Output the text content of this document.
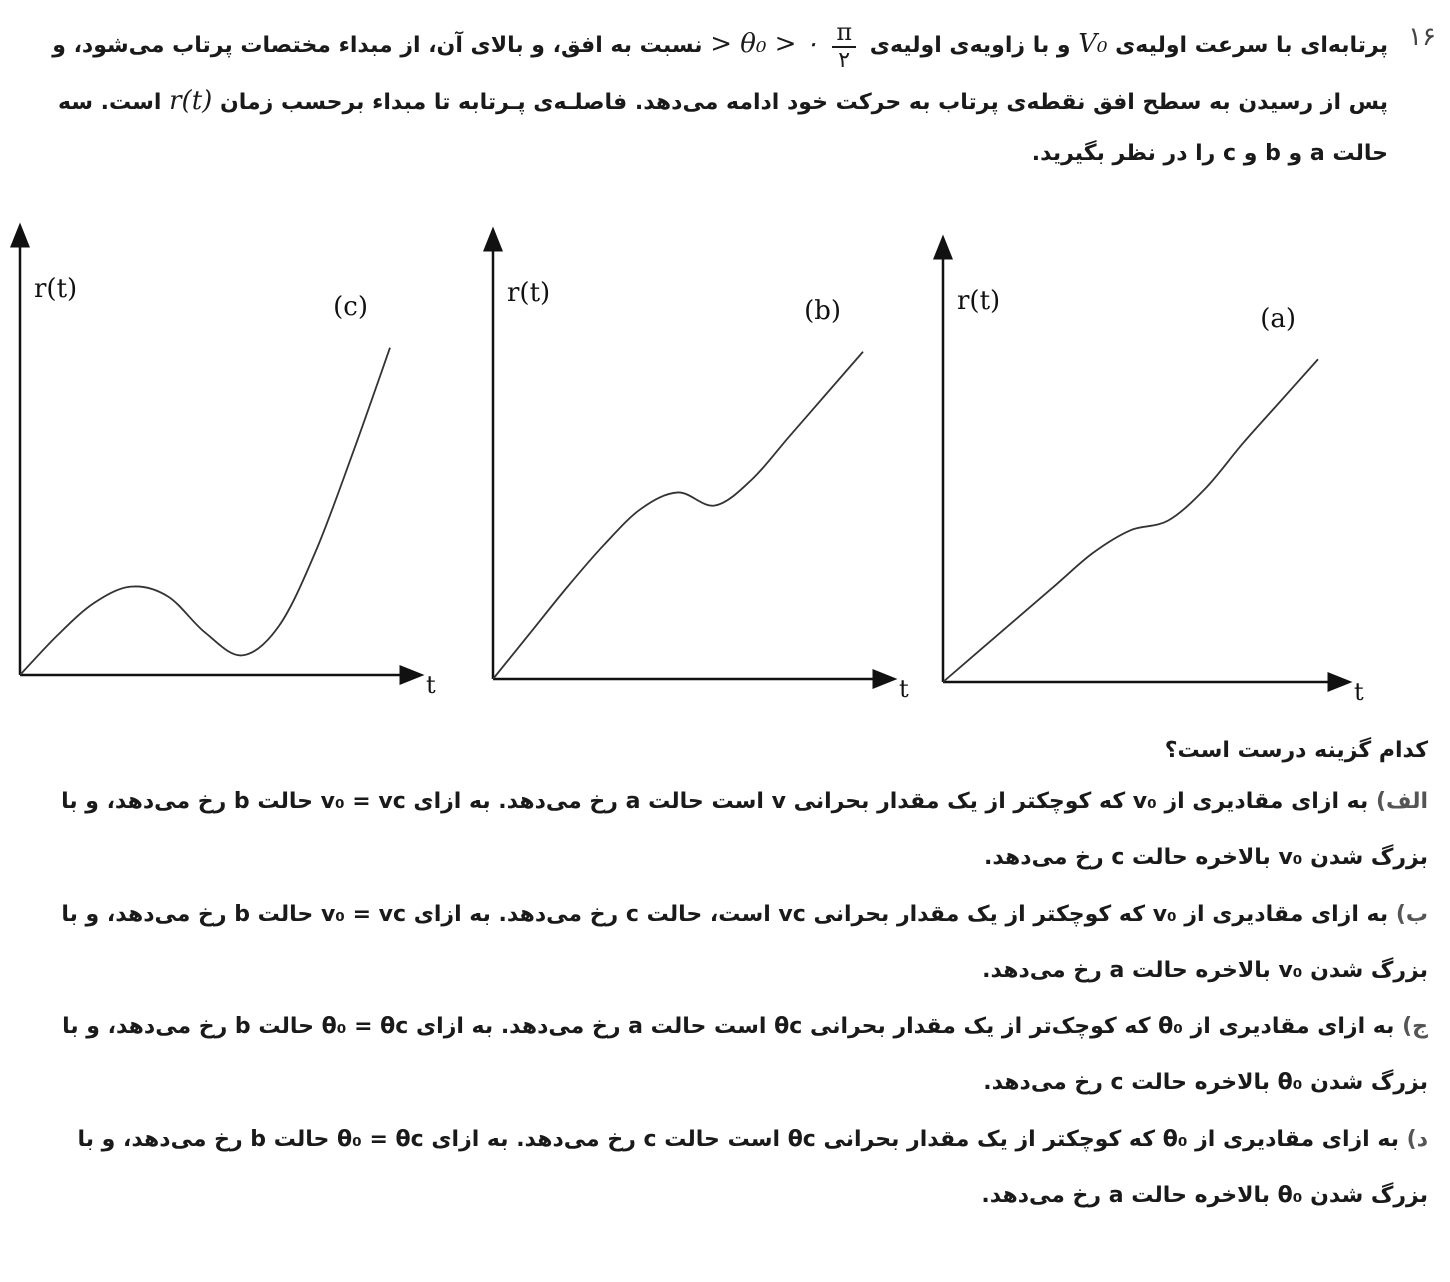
۱۶
پرتابه‌ای با سرعت اولیه‌ی V₀ و با زاویه‌ی اولیه‌ی
$\frac{\pi}{۲}$
> θ₀ > ۰ نسبت به افق، و بالای آن، از مبداء مختصات پرتاب می‌شود، و
پس از رسیدن به سطح افق نقطه‌ی پرتاب به حرکت خود ادامه می‌دهد. فاصلـه‌ی پـرتابه تا مبداء برحسب زمان r(t) است. سه
حالت a و b و c را در نظر بگیرید.
r(t)
t
(c)	r(t)
t
(b)	r(t)
t
(a)
کدام گزینه درست است؟
الف) به ازای مقادیری از v₀ که کوچکتر از یک مقدار بحرانی v است حالت a رخ می‌دهد. به ازای v₀ = vc حالت b رخ می‌دهد، و با
بزرگ شدن v₀ بالاخره حالت c رخ می‌دهد.
ب) به ازای مقادیری از v₀ که کوچکتر از یک مقدار بحرانی vc است، حالت c رخ می‌دهد. به ازای v₀ = vc حالت b رخ می‌دهد، و با
بزرگ شدن v₀ بالاخره حالت a رخ می‌دهد.
ج) به ازای مقادیری از θ₀ که کوچک‌تر از یک مقدار بحرانی θc است حالت a رخ می‌دهد. به ازای θ₀ = θc حالت b رخ می‌دهد، و با
بزرگ شدن θ₀ بالاخره حالت c رخ می‌دهد.
د) به ازای مقادیری از θ₀ که کوچکتر از یک مقدار بحرانی θc است حالت c رخ می‌دهد. به ازای θ₀ = θc حالت b رخ می‌دهد، و با
بزرگ شدن θ₀ بالاخره حالت a رخ می‌دهد.
